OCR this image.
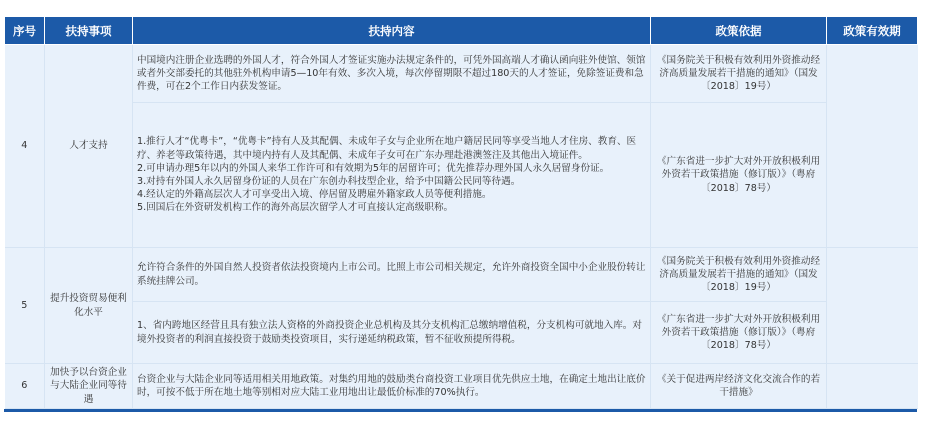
序号	扶持事项	扶持内容	政策依据	政策有效期
4	人才支持	中国境内注册企业选聘的外国人才，符合外国人才签证实施办法规定条件的，可凭外国高端人才确认函向驻外使馆、领馆或者外交部委托的其他驻外机构申请5—10年有效、多次入境，每次停留期限不超过180天的人才签证，免除签证费和急件费，可在2个工作日内获发签证。	《国务院关于积极有效利用外资推动经济高质量发展若干措施的通知》（国发〔2018〕19号）	

		1.推行人才“优粤卡”，“优粤卡”持有人及其配偶、未成年子女与企业所在地户籍居民同等享受当地人才住房、教育、医疗、养老等政策待遇，其中境内持有人及其配偶、未成年子女可在广东办理赴港澳签注及其他出入境证件。
2.可申请办理5年以内的外国人来华工作许可和有效期为5年的居留许可；优先推荐办理外国人永久居留身份证。
3.对持有外国人永久居留身份证的人员在广东创办科技型企业，给予中国籍公民同等待遇。
4.经认定的外籍高层次人才可享受出入境、停居留及聘雇外籍家政人员等便利措施。
5.回国后在外资研发机构工作的海外高层次留学人才可直接认定高级职称。	《广东省进一步扩大对外开放积极利用外资若干政策措施（修订版）》（粤府〔2018〕78号）	
5	提升投资贸易便利化水平	允许符合条件的外国自然人投资者依法投资境内上市公司。比照上市公司相关规定，允许外商投资全国中小企业股份转让系统挂牌公司。	《国务院关于积极有效利用外资推动经济高质量发展若干措施的通知》（国发〔2018〕19号）	
		1、省内跨地区经营且具有独立法人资格的外商投资企业总机构及其分支机构汇总缴纳增值税，分支机构可就地入库。对境外投资者的利润直接投资于鼓励类投资项目，实行递延纳税政策，暂不征收预提所得税。	《广东省进一步扩大对外开放积极利用外资若干政策措施（修订版）》（粤府〔2018〕78号）	
6	加快予以台资企业与大陆企业同等待遇	台资企业与大陆企业同等适用相关用地政策。对集约用地的鼓励类台商投资工业项目优先供应土地，在确定土地出让底价时，可按不低于所在地土地等别相对应大陆工业用地出让最低价标准的70%执行。	《关于促进两岸经济文化交流合作的若干措施》	
